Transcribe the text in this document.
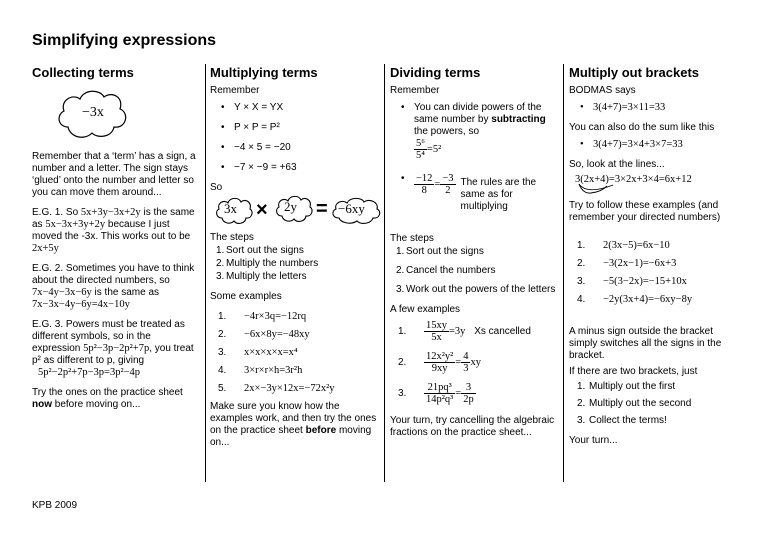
Simplifying expressions
Collecting terms
−3x

Remember that a ‘term’ has a sign, a number and a letter. The sign stays ‘glued’ onto the number and letter so you can move them around...

E.G. 1. So 5x+3y−3x+2y is the same as 5x−3x+3y+2y because I just moved the -3x. This works out to be 2x+5y

E.G. 2. Sometimes you have to think about the directed numbers, so 7x−4y−3x−6y is the same as 7x−3x−4y−6y=4x−10y

E.G. 3. Powers must be treated as different symbols, so in the expression 5p²−3p−2p²+7p, you treat p² as different to p, giving
5p²−2p²+7p−3p=3p²−4p

Try the ones on the practice sheet now before moving on...

Multiplying terms

Remember

• Y × X = YX
• P × P = P²
• −4 × 5 = −20
• −7 × −9 = +63

So

3x × 2y = −6xy

The steps

1. Sort out the signs
2. Multiply the numbers
3. Multiply the letters

Some examples

1.	−4r×3q=−12rq
2.	−6x×8y=−48xy
3.	x×x×x×x=x⁴
4.	3×r×r×h=3r²h
5.	2x×−3y×12x=−72x²y

Make sure you know how the examples work, and then try the ones on the practice sheet before moving on...

Dividing terms

Remember

• You can divide powers of the same number by subtracting the powers, so

$\frac{\text{5⁶}}{\text{5⁴}} =5^2$
• $\frac{-12}{8} = \frac{-3}{2}$ The rules are the same as for multiplying

The steps

1. Sort out the signs
2. Cancel the numbers
3. Work out the powers of the letters

A few examples

1.	$\frac{15xy}{5x} =3y$ Xs cancelled
2.	$\frac{\text{12x²y²}}{9xy} = \frac{4}{3}$ xy
3.	$\frac{\text{21pq³}}{\text{14p²q³}} = \frac{3}{2p}$

Your turn, try cancelling the algebraic fractions on the practice sheet...

Multiply out brackets

BODMAS says

• 3(4+7)=3×11=33

You can also do the sum like this

• 3(4+7)=3×4+3×7=33

So, look at the lines...

3(2x+4)=3×2x+3×4=6x+12

Try to follow these examples (and remember your directed numbers)

1.	2(3x−5)=6x−10
2.	−3(2x−1)=−6x+3
3.	−5(3−2x)=−15+10x
4.	−2y(3x+4)=−6xy−8y

A minus sign outside the bracket simply switches all the signs in the bracket.

If there are two brackets, just

1. Multiply out the first
2. Multiply out the second
3. Collect the terms!

Your turn...

KPB 2009
